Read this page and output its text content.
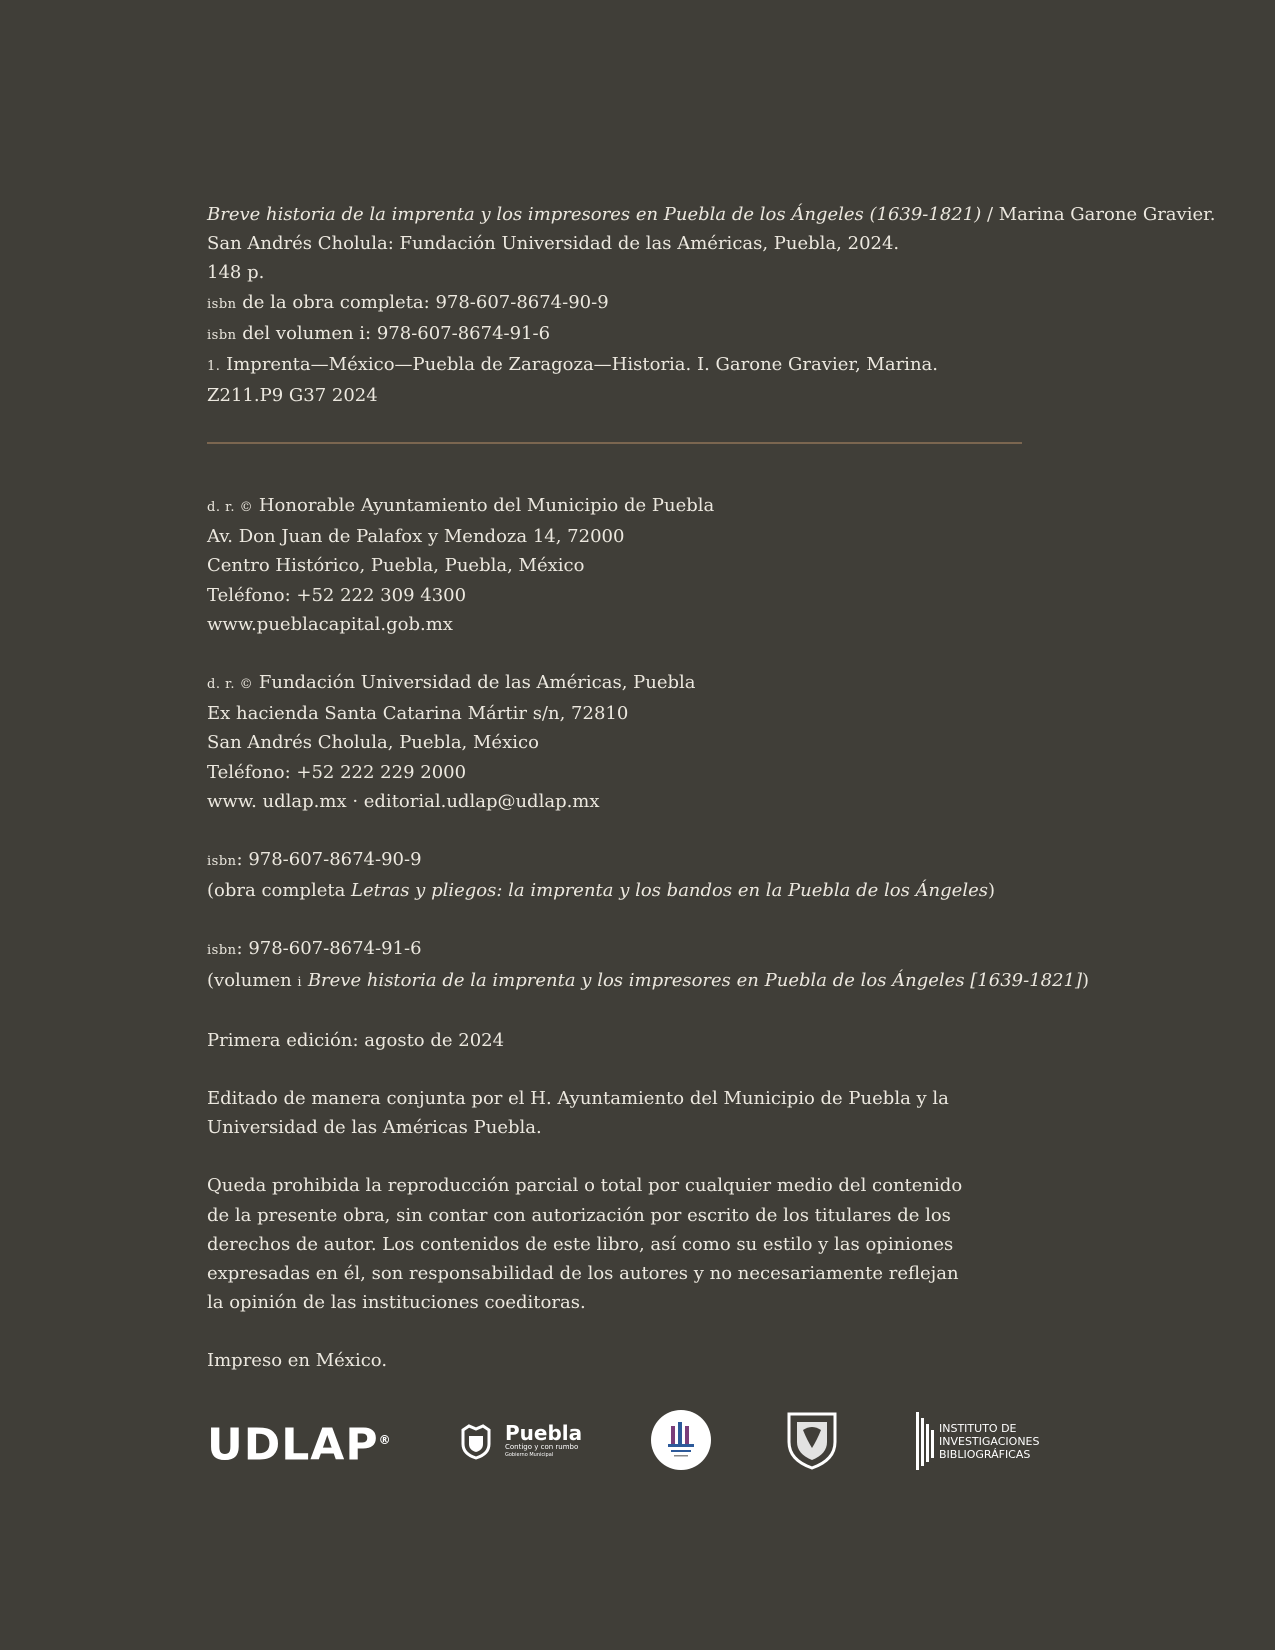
Breve historia de la imprenta y los impresores en Puebla de los Ángeles (1639-1821) / Marina Garone Gravier.
San Andrés Cholula: Fundación Universidad de las Américas, Puebla, 2024.
148 p.
isbn de la obra completa: 978-607-8674-90-9
isbn del volumen i: 978-607-8674-91-6
1. Imprenta—México—Puebla de Zaragoza—Historia. I. Garone Gravier, Marina.
Z211.P9 G37 2024
d. r. © Honorable Ayuntamiento del Municipio de Puebla
Av. Don Juan de Palafox y Mendoza 14, 72000
Centro Histórico, Puebla, Puebla, México
Teléfono: +52 222 309 4300
www.pueblacapital.gob.mx
d. r. © Fundación Universidad de las Américas, Puebla
Ex hacienda Santa Catarina Mártir s/n, 72810
San Andrés Cholula, Puebla, México
Teléfono: +52 222 229 2000
www. udlap.mx · editorial.udlap@udlap.mx
isbn: 978-607-8674-90-9
(obra completa Letras y pliegos: la imprenta y los bandos en la Puebla de los Ángeles)
isbn: 978-607-8674-91-6
(volumen i Breve historia de la imprenta y los impresores en Puebla de los Ángeles [1639-1821])
Primera edición: agosto de 2024
Editado de manera conjunta por el H. Ayuntamiento del Municipio de Puebla y la Universidad de las Américas Puebla.
Queda prohibida la reproducción parcial o total por cualquier medio del contenido de la presente obra, sin contar con autorización por escrito de los titulares de los derechos de autor. Los contenidos de este libro, así como su estilo y las opiniones expresadas en él, son responsabilidad de los autores y no necesariamente reflejan la opinión de las instituciones coeditoras.
Impreso en México.
UDLAP®	Puebla
Contigo y con rumbo
Gobierno Municipal
INSTITUTO DE
INVESTIGACIONES
BIBLIOGRÁFICAS
